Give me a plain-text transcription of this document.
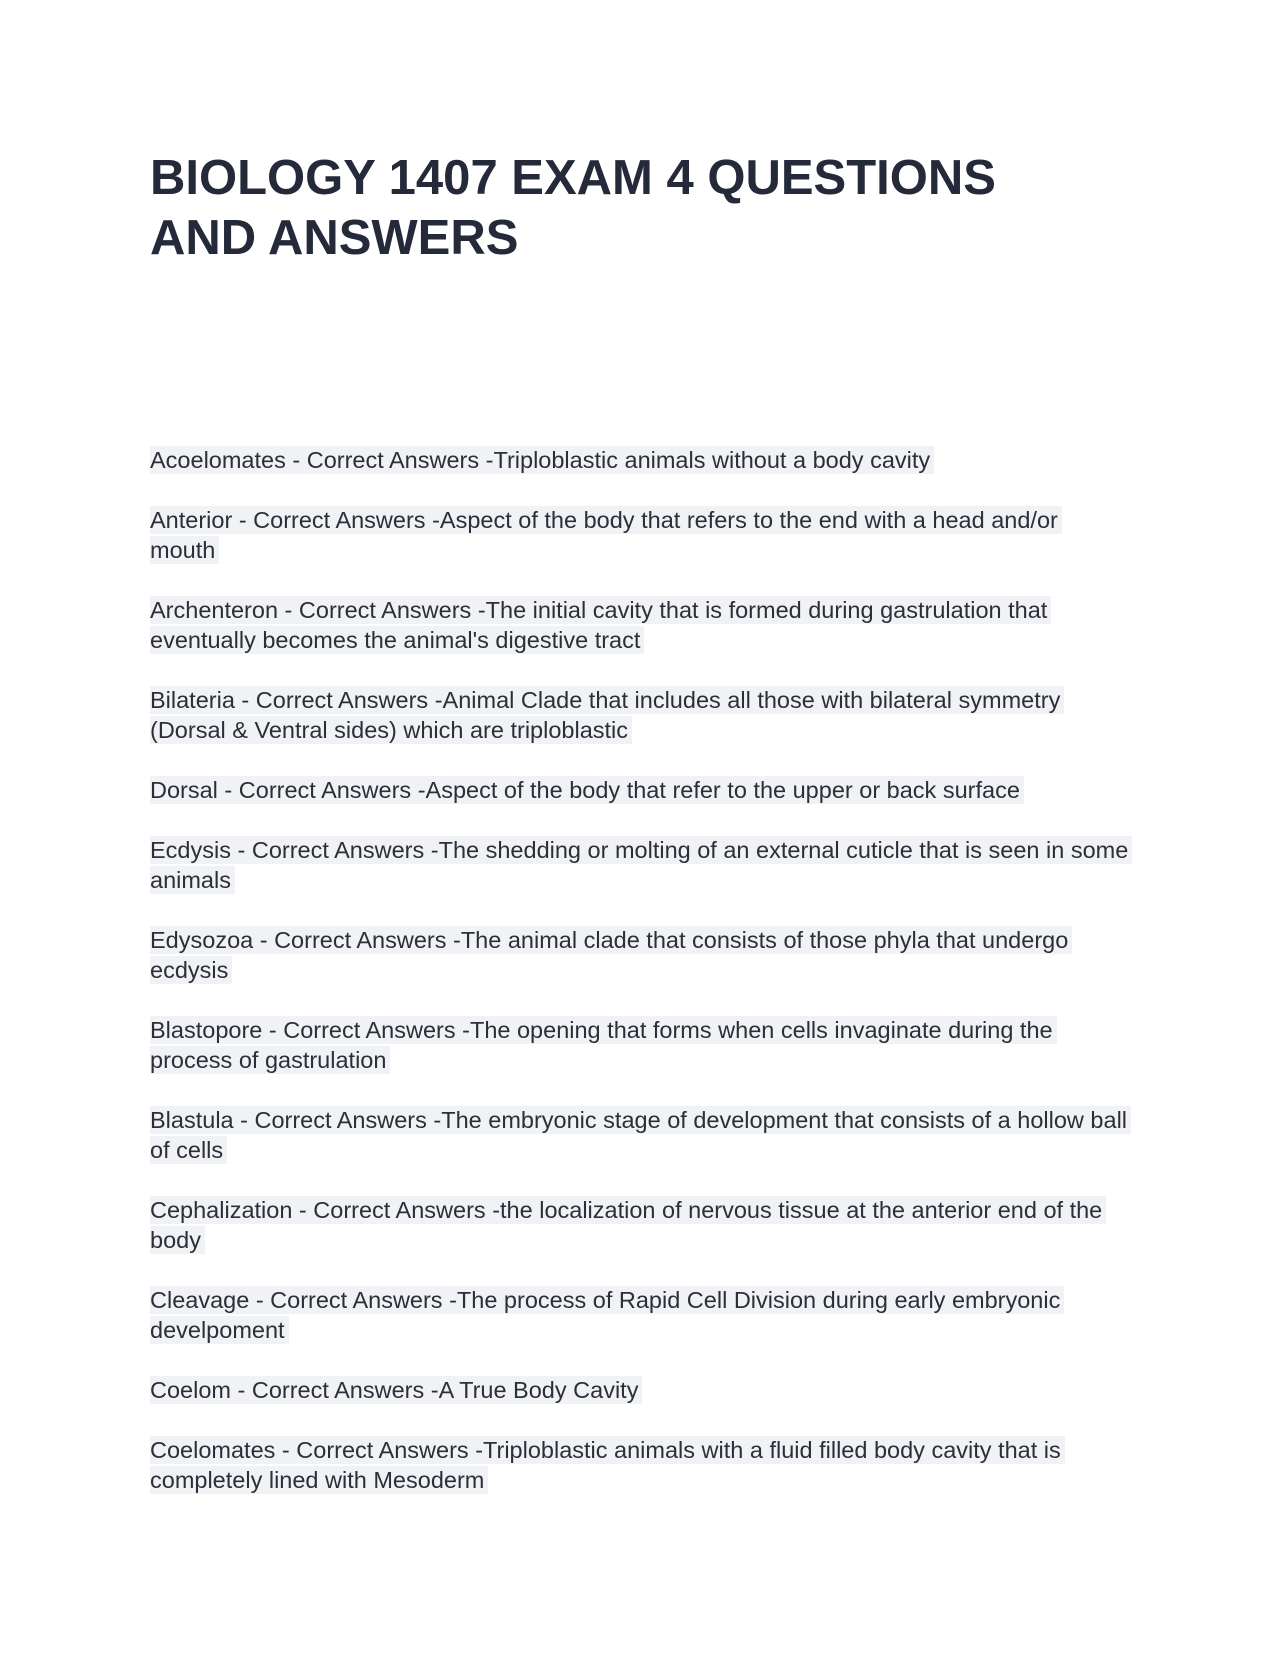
BIOLOGY 1407 EXAM 4 QUESTIONS
AND ANSWERS

Acoelomates - Correct Answers -Triploblastic animals without a body cavity

Anterior - Correct Answers -Aspect of the body that refers to the end with a head and/or mouth

Archenteron - Correct Answers -The initial cavity that is formed during gastrulation that eventually becomes the animal's digestive tract

Bilateria - Correct Answers -Animal Clade that includes all those with bilateral symmetry (Dorsal & Ventral sides) which are triploblastic

Dorsal - Correct Answers -Aspect of the body that refer to the upper or back surface

Ecdysis - Correct Answers -The shedding or molting of an external cuticle that is seen in some animals

Edysozoa - Correct Answers -The animal clade that consists of those phyla that undergo ecdysis

Blastopore - Correct Answers -The opening that forms when cells invaginate during the process of gastrulation

Blastula - Correct Answers -The embryonic stage of development that consists of a hollow ball of cells

Cephalization - Correct Answers -the localization of nervous tissue at the anterior end of the body

Cleavage - Correct Answers -The process of Rapid Cell Division during early embryonic develpoment

Coelom - Correct Answers -A True Body Cavity

Coelomates - Correct Answers -Triploblastic animals with a fluid filled body cavity that is completely lined with Mesoderm
